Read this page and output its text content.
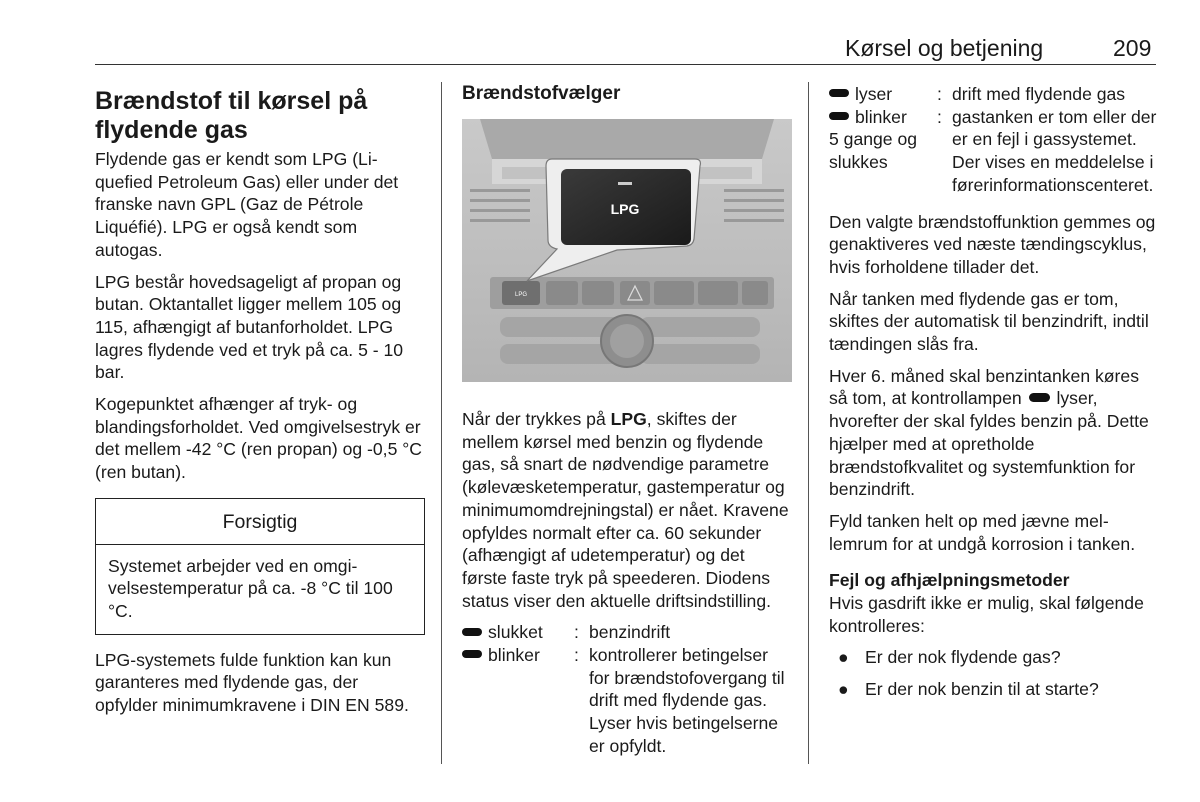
Kørsel og betjening	209
Brændstof til kørsel på flydende gas

Flydende gas er kendt som LPG (Liquefied Petroleum Gas) eller under det franske navn GPL (Gaz de Pétrole Liquéfié). LPG er også kendt som autogas.

LPG består hovedsageligt af propan og butan. Oktantallet ligger mellem 105 og 115, afhængigt af butanforholdet. LPG lagres flydende ved et tryk på ca. 5 - 10 bar.

Kogepunktet afhænger af tryk- og blandingsforholdet. Ved omgivelsestryk er det mellem -42 °C (ren propan) og -0,5 °C (ren butan).

Forsigtig
Systemet arbejder ved en omgivelsestemperatur på ca. -8 °C til 100 °C.

LPG-systemets fulde funktion kan kun garanteres med flydende gas, der opfylder minimumkravene i DIN EN 589.

Brændstofvælger
LPG
LPG

Når der trykkes på LPG, skiftes der mellem kørsel med benzin og flydende gas, så snart de nødvendige parametre (kølevæsketemperatur, gastemperatur og minimumomdrejningstal) er nået. Kravene opfyldes normalt efter ca. 60 sekunder (afhængigt af udetemperatur) og det første faste tryk på speederen. Diodens status viser den aktuelle driftsindstilling.

slukket	: benzindrift
blinker	: kontrollerer betingelser for brændstofovergang til drift med flydende gas. Lyser hvis betingelserne er opfyldt.
lyser	: drift med flydende gas
blinker
5 gange og slukkes
: gastanken er tom eller der er en fejl i gassystemet. Der vises en meddelelse i førerinformationscenteret.

Den valgte brændstoffunktion gemmes og genaktiveres ved næste tændingscyklus, hvis forholdene tillader det.

Når tanken med flydende gas er tom, skiftes der automatisk til benzindrift, indtil tændingen slås fra.

Hver 6. måned skal benzintanken køres så tom, at kontrollampen lyser, hvorefter der skal fyldes benzin på. Dette hjælper med at opretholde brændstofkvalitet og systemfunktion for benzindrift.

Fyld tanken helt op med jævne mellemrum for at undgå korrosion i tanken.

Fejl og afhjælpningsmetoder

Hvis gasdrift ikke er mulig, skal følgende kontrolleres:

● Er der nok flydende gas?
● Er der nok benzin til at starte?
